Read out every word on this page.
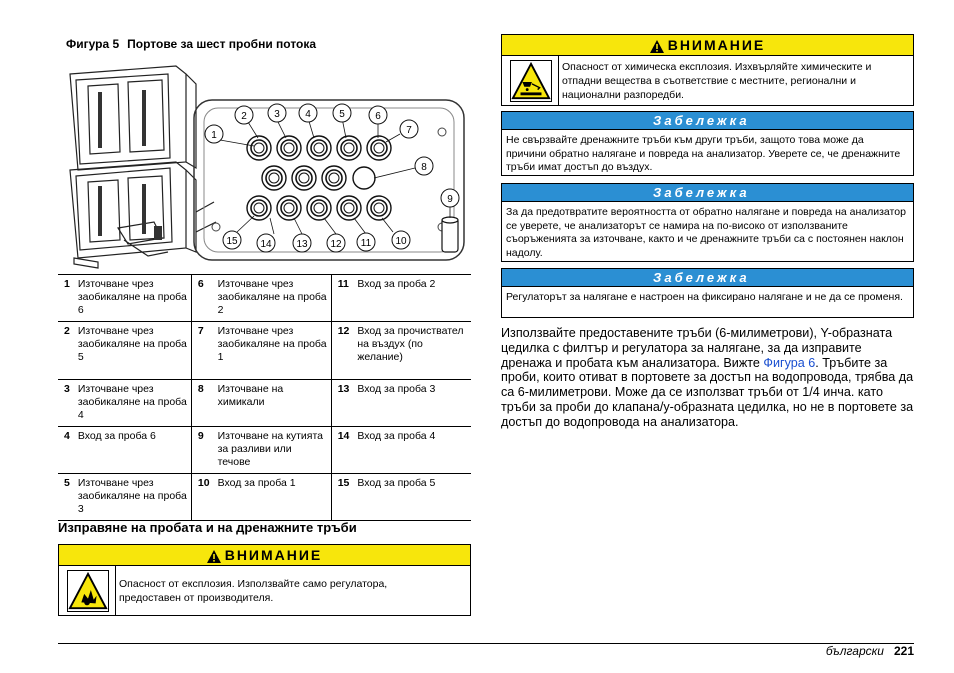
Фигура 5 Портове за шест пробни потока
1
2	3	4	5	6
7
8
9
10
11
12
13
14
15
1	Източване чрез заобикаляне на проба 6	6	Източване чрез заобикаляне на проба 2	11	Вход за проба 2
2	Източване чрез заобикаляне на проба 5	7	Източване чрез заобикаляне на проба 1	12	Вход за прочиствател на въздух (по желание)
3	Източване чрез заобикаляне на проба 4	8	Източване на химикали	13	Вход за проба 3
4	Вход за проба 6	9	Източване на кутията за разливи или течове	14	Вход за проба 4
5	Източване чрез заобикаляне на проба 3	10	Вход за проба 1	15	Вход за проба 5
Изправяне на пробата и на дренажните тръби
ВНИМАНИЕ
Опасност от експлозия. Използвайте само регулатора, предоставен от производителя.
ВНИМАНИЕ
Опасност от химическа експлозия. Изхвърляйте химическите и отпадни вещества в съответствие с местните, регионални и национални разпоредби.
Забележка
Не свързвайте дренажните тръби към други тръби, защото това може да причини обратно налягане и повреда на анализатор. Уверете се, че дренажните тръби имат достъп до въздух.
Забележка
За да предотвратите вероятността от обратно налягане и повреда на анализатор се уверете, че анализаторът се намира на по-високо от използваните съоръженията за източване, както и че дренажните тръби са с постоянен наклон надолу.
Забележка
Регулаторът за налягане е настроен на фиксирано налягане и не да се променя.
Използвайте предоставените тръби (6-милиметрови), Y-образната цедилка с филтър и регулатора за налягане, за да изправите дренажа и пробата към анализатора. Вижте Фигура 6. Тръбите за проби, които отиват в портовете за достъп на водопровода, трябва да са 6-милиметрови. Може да се използват тръби от 1/4 инча. като тръби за проби до клапана/у-образната цедилка, но не в портовете за достъп до водопровода на анализатора.
български 221
